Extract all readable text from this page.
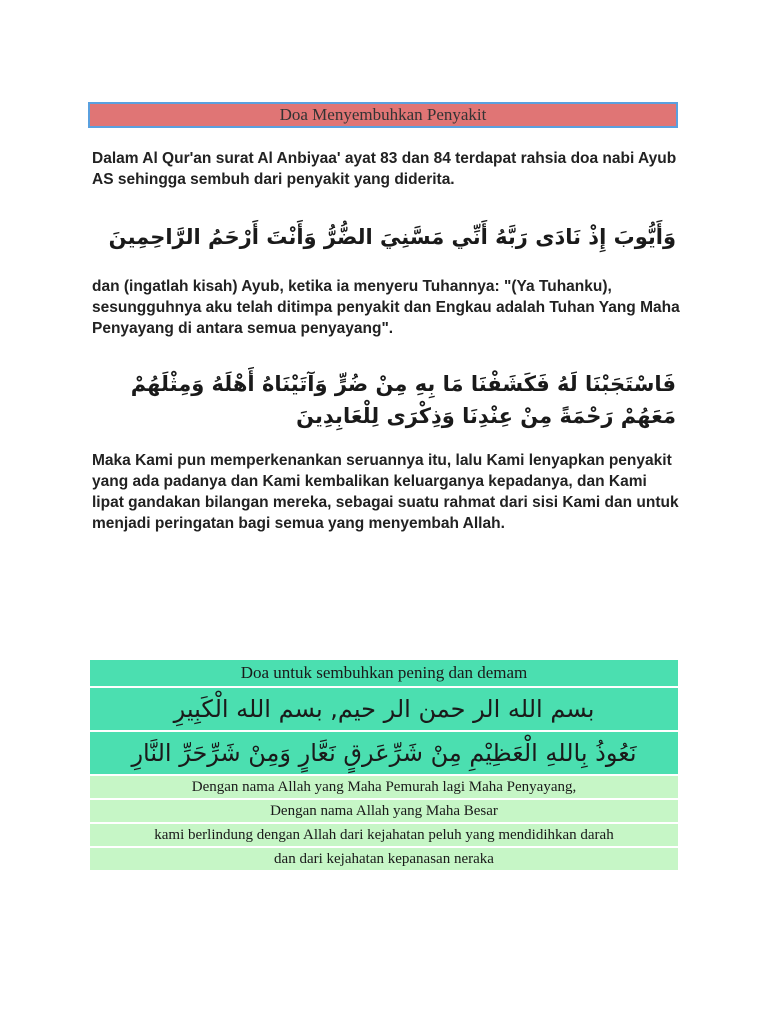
Doa Menyembuhkan Penyakit

Dalam Al Qur'an surat Al Anbiyaa' ayat 83 dan 84 terdapat rahsia doa nabi Ayub AS sehingga sembuh dari penyakit yang diderita.

وَأَيُّوبَ إِذْ نَادَى رَبَّهُ أَنِّي مَسَّنِيَ الضُّرُّ وَأَنْتَ أَرْحَمُ الرَّاحِمِينَ

dan (ingatlah kisah) Ayub, ketika ia menyeru Tuhannya: "(Ya Tuhanku), sesungguhnya aku telah ditimpa penyakit dan Engkau adalah Tuhan Yang Maha Penyayang di antara semua penyayang".

فَاسْتَجَبْنَا لَهُ فَكَشَفْنَا مَا بِهِ مِنْ ضُرٍّ وَآتَيْنَاهُ أَهْلَهُ وَمِثْلَهُمْ مَعَهُمْ رَحْمَةً مِنْ عِنْدِنَا وَذِكْرَى لِلْعَابِدِينَ

Maka Kami pun memperkenankan seruannya itu, lalu Kami lenyapkan penyakit yang ada padanya dan Kami kembalikan keluarganya kepadanya, dan Kami lipat gandakan bilangan mereka, sebagai suatu rahmat dari sisi Kami dan untuk menjadi peringatan bagi semua yang menyembah Allah.

Doa untuk sembuhkan pening dan demam
بسم الله الر حمن الر حيم, بسم الله الْكَبِيرِ
نَعُوذُ بِاللهِ الْعَظِيْمِ مِنْ شَرِّعَرقٍ نَعَّارٍ وَمِنْ شَرِّحَرِّ النَّارِ
Dengan nama Allah yang Maha Pemurah lagi Maha Penyayang,
Dengan nama Allah yang Maha Besar
kami berlindung dengan Allah dari kejahatan peluh yang mendidihkan darah
dan dari kejahatan kepanasan neraka
